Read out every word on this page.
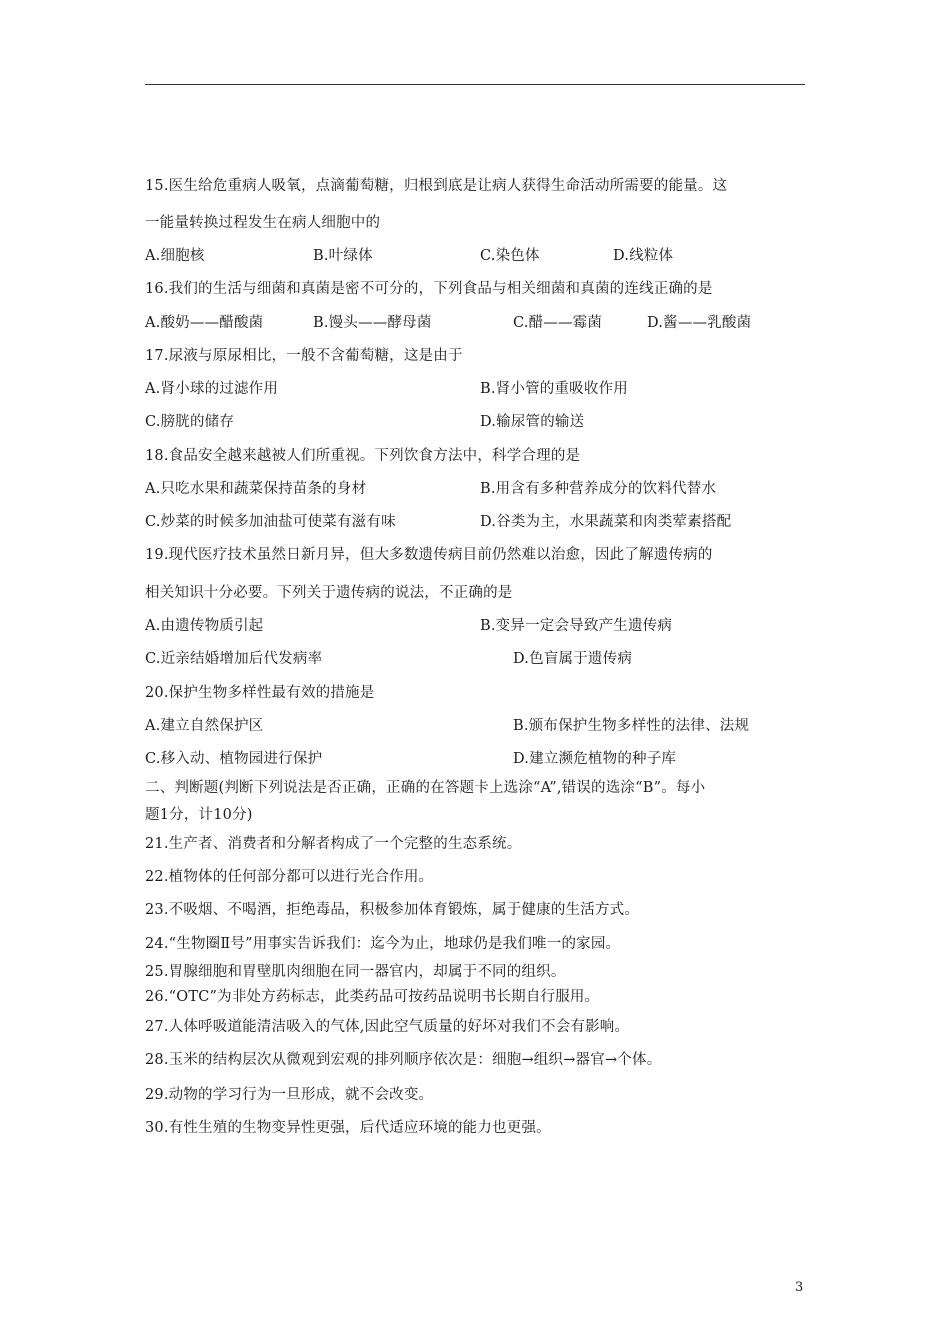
15.医生给危重病人吸氧，点滴葡萄糖，归根到底是让病人获得生命活动所需要的能量。这
一能量转换过程发生在病人细胞中的
A.细胞核	B.叶绿体	C.染色体	D.线粒体
16.我们的生活与细菌和真菌是密不可分的，下列食品与相关细菌和真菌的连线正确的是
A.酸奶——醋酸菌	B.馒头——酵母菌	C.醋——霉菌	D.酱——乳酸菌
17.尿液与原尿相比，一般不含葡萄糖，这是由于
A.肾小球的过滤作用	B.肾小管的重吸收作用
C.膀胱的储存	D.输尿管的输送
18.食品安全越来越被人们所重视。下列饮食方法中，科学合理的是
A.只吃水果和蔬菜保持苗条的身材	B.用含有多种营养成分的饮料代替水
C.炒菜的时候多加油盐可使菜有滋有味	D.谷类为主，水果蔬菜和肉类荤素搭配
19.现代医疗技术虽然日新月异，但大多数遗传病目前仍然难以治愈，因此了解遗传病的
相关知识十分必要。下列关于遗传病的说法，不正确的是
A.由遗传物质引起	B.变异一定会导致产生遗传病
C.近亲结婚增加后代发病率	D.色盲属于遗传病
20.保护生物多样性最有效的措施是
A.建立自然保护区	B.颁布保护生物多样性的法律、法规
C.移入动、植物园进行保护	D.建立濒危植物的种子库
二、判断题(判断下列说法是否正确，正确的在答题卡上选涂“A”,错误的选涂“B”。每小
题1分，计10分)
21.生产者、消费者和分解者构成了一个完整的生态系统。
22.植物体的任何部分都可以进行光合作用。
23.不吸烟、不喝酒，拒绝毒品，积极参加体育锻炼，属于健康的生活方式。
24.“生物圈Ⅱ号”用事实告诉我们：迄今为止，地球仍是我们唯一的家园。
25.胃腺细胞和胃壁肌肉细胞在同一器官内，却属于不同的组织。
26.“OTC”为非处方药标志，此类药品可按药品说明书长期自行服用。
27.人体呼吸道能清洁吸入的气体,因此空气质量的好坏对我们不会有影响。
28.玉米的结构层次从微观到宏观的排列顺序依次是：细胞→组织→器官→个体。
29.动物的学习行为一旦形成，就不会改变。
30.有性生殖的生物变异性更强，后代适应环境的能力也更强。
3
